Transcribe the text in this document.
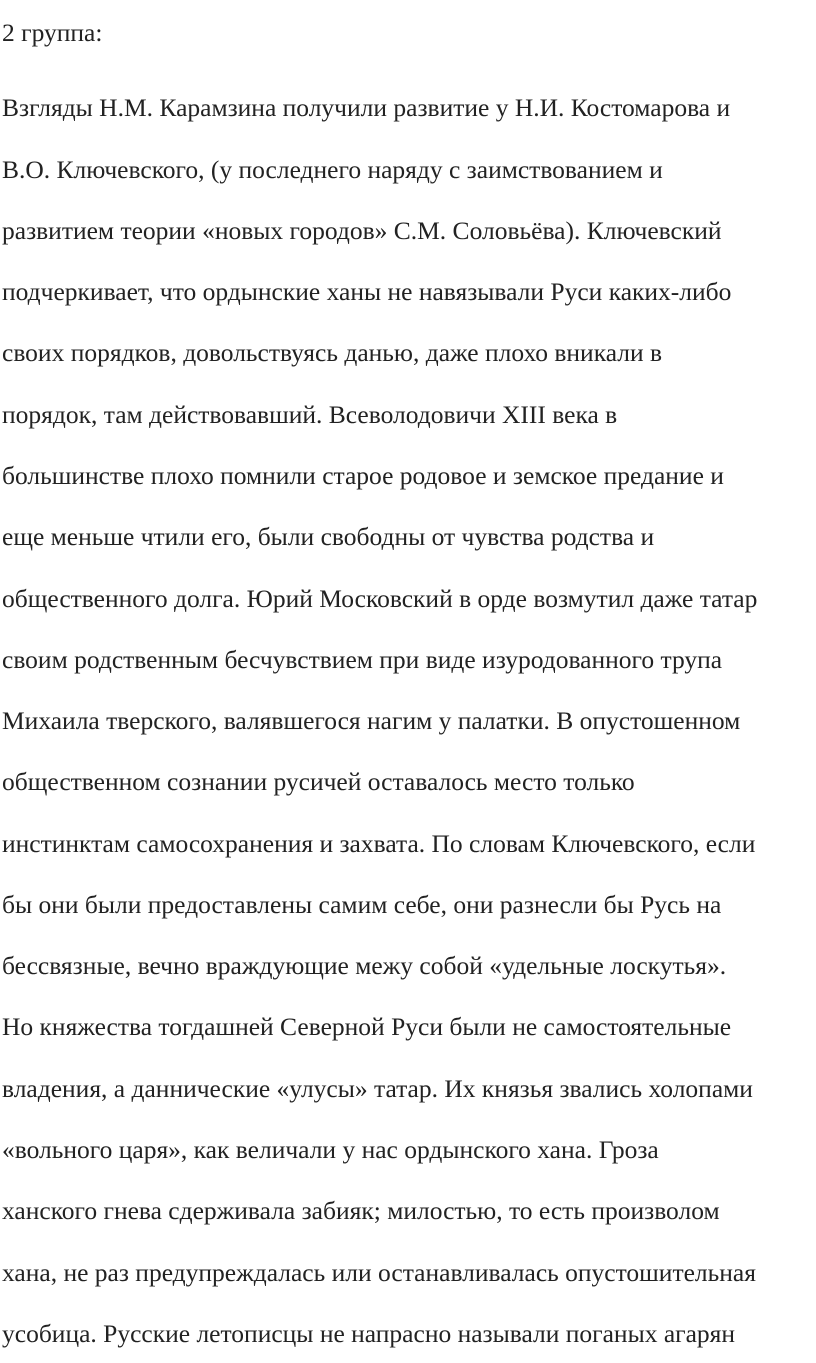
2 группа:
Взгляды Н.М. Карамзина получили развитие у Н.И. Костомарова и
В.О. Ключевского, (у последнего наряду с заимствованием и
развитием теории «новых городов» С.М. Соловьёва). Ключевский
подчеркивает, что ордынские ханы не навязывали Руси каких-либо
своих порядков, довольствуясь данью, даже плохо вникали в
порядок, там действовавший. Всеволодовичи XIII века в
большинстве плохо помнили старое родовое и земское предание и
еще меньше чтили его, были свободны от чувства родства и
общественного долга. Юрий Московский в орде возмутил даже татар
своим родственным бесчувствием при виде изуродованного трупа
Михаила тверского, валявшегося нагим у палатки. В опустошенном
общественном сознании русичей оставалось место только
инстинктам самосохранения и захвата. По словам Ключевского, если
бы они были предоставлены самим себе, они разнесли бы Русь на
бессвязные, вечно враждующие межу собой «удельные лоскутья».
Но княжества тогдашней Северной Руси были не самостоятельные
владения, а даннические «улусы» татар. Их князья звались холопами
«вольного царя», как величали у нас ордынского хана. Гроза
ханского гнева сдерживала забияк; милостью, то есть произволом
хана, не раз предупреждалась или останавливалась опустошительная
усобица. Русские летописцы не напрасно называли поганых агарян
